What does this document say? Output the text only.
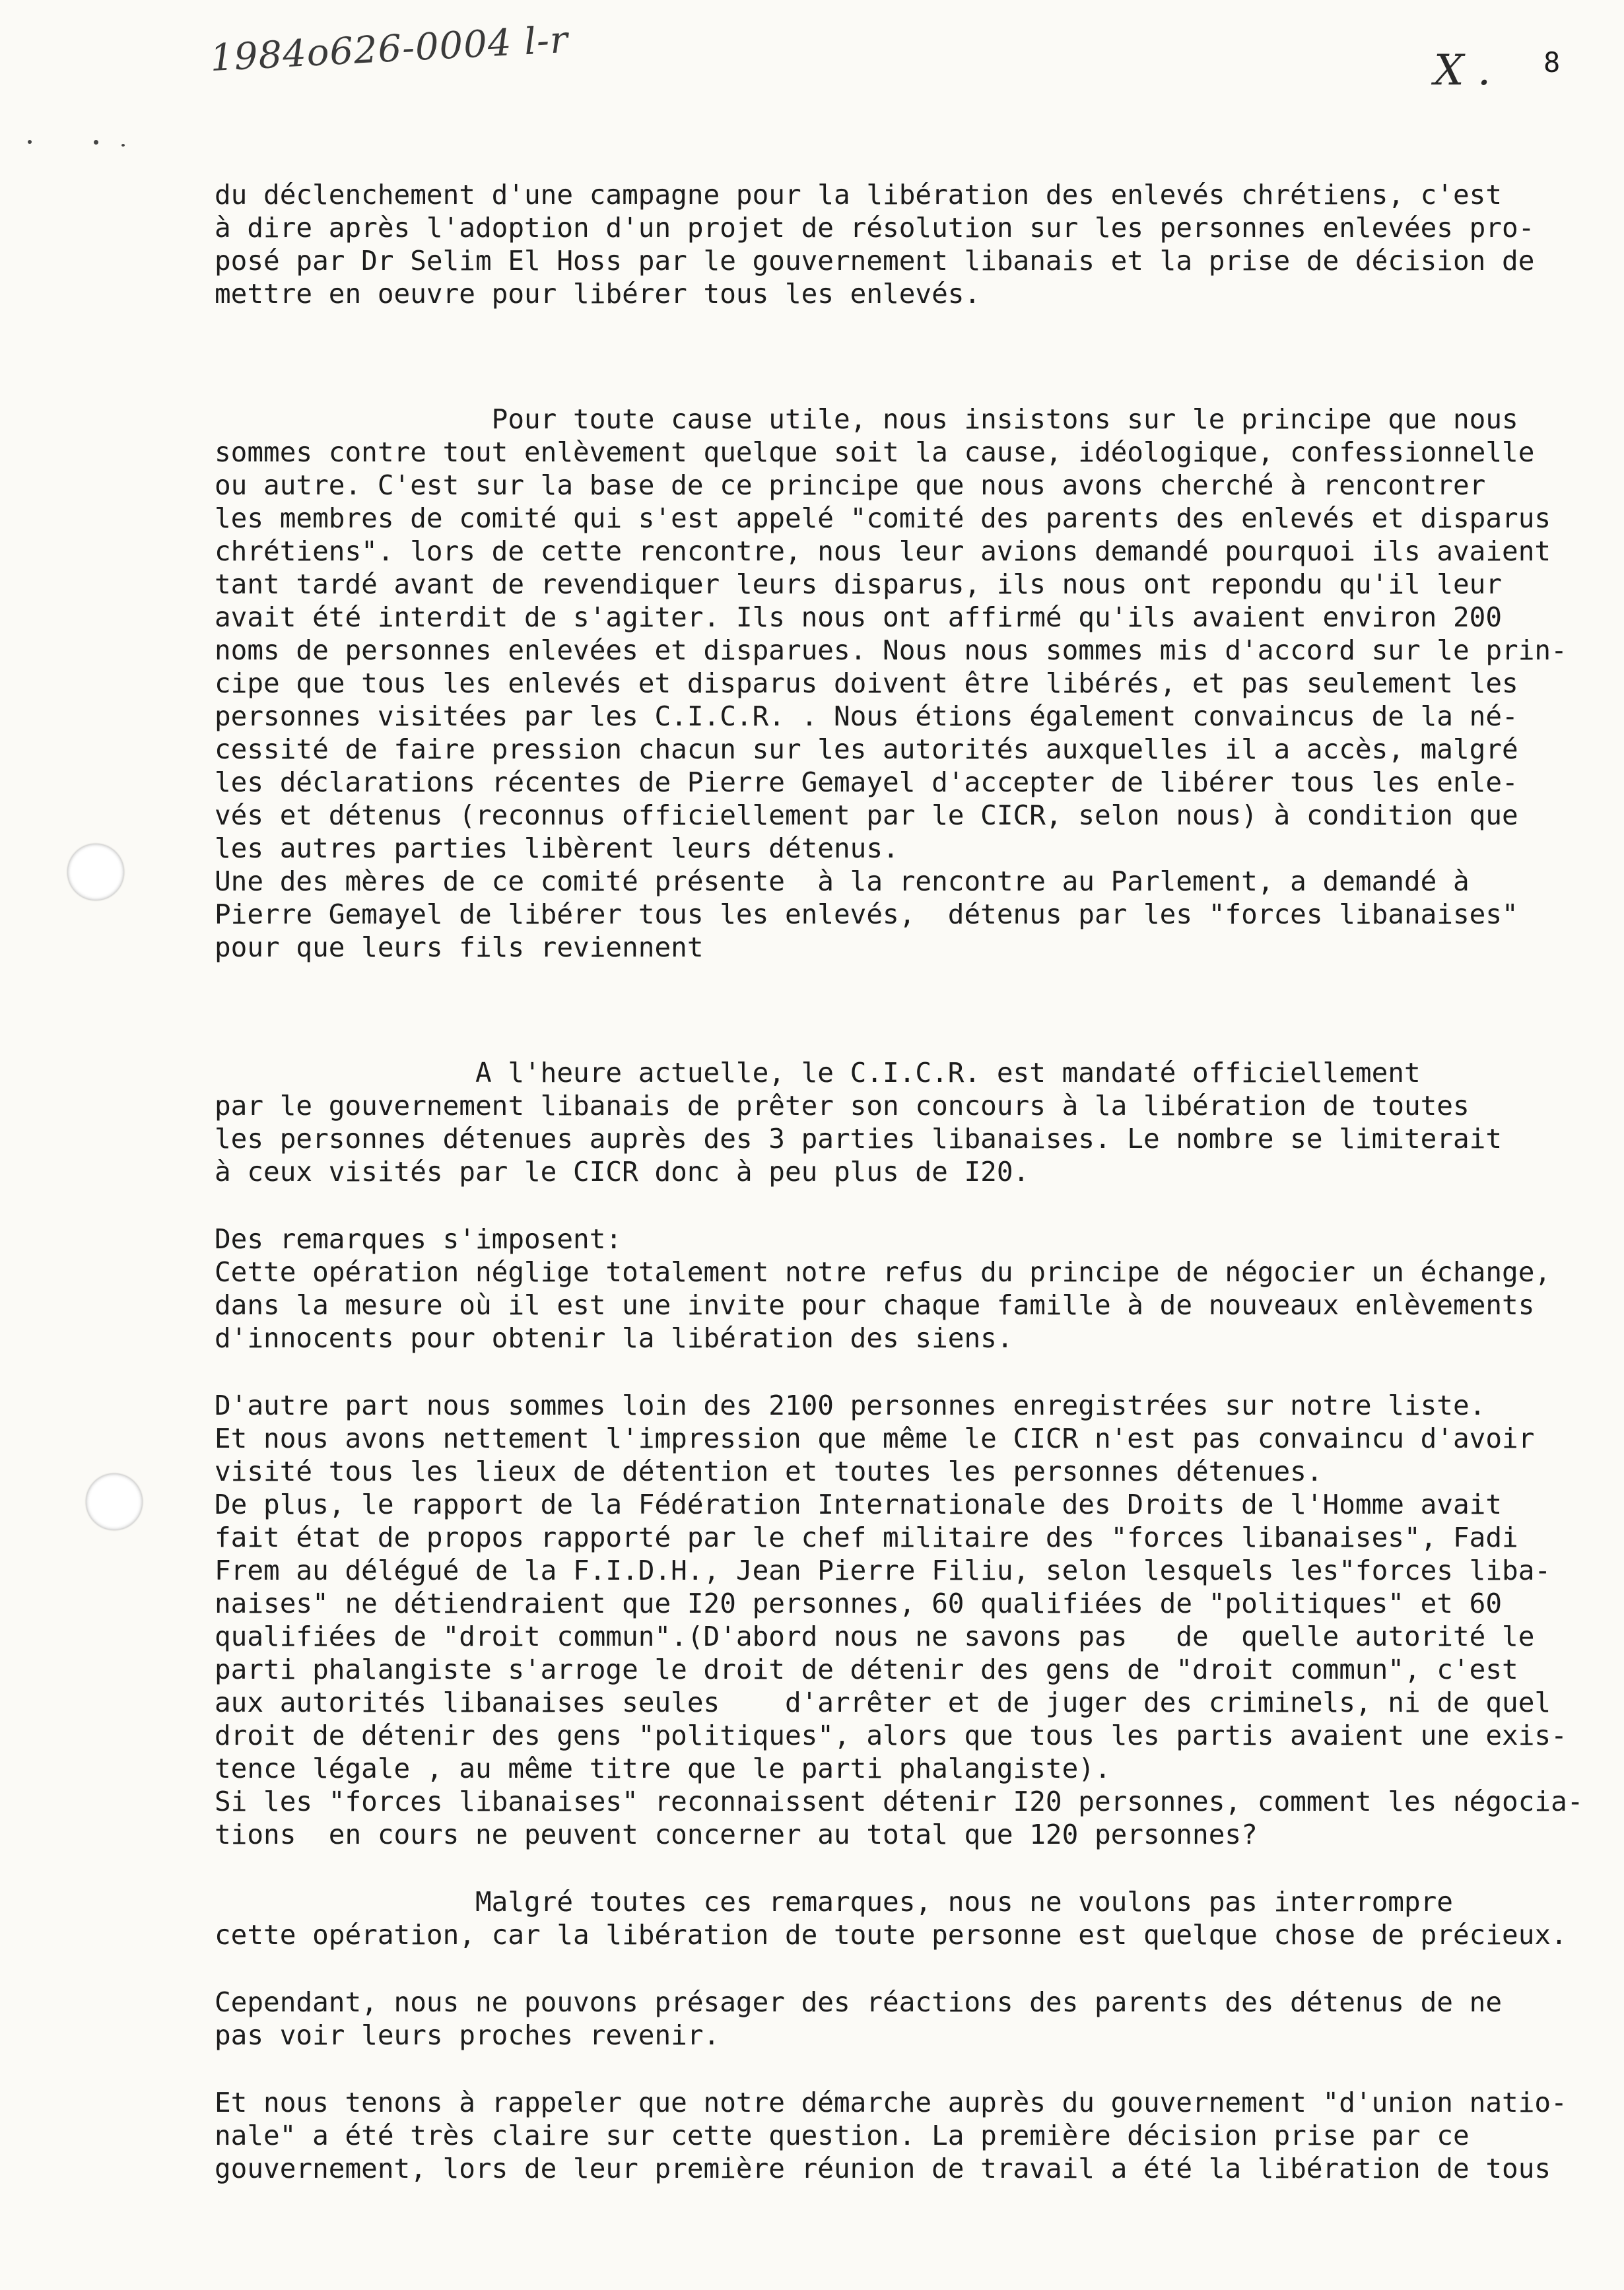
1984o626-0004 l-r	X . 8
du déclenchement d'une campagne pour la libération des enlevés chrétiens, c'est
à dire après l'adoption d'un projet de résolution sur les personnes enlevées pro-
posé par Dr Selim El Hoss par le gouvernement libanais et la prise de décision de
mettre en oeuvre pour libérer tous les enlevés.
Pour toute cause utile, nous insistons sur le principe que nous
sommes contre tout enlèvement quelque soit la cause, idéologique, confessionnelle
ou autre. C'est sur la base de ce principe que nous avons cherché à rencontrer
les membres de comité qui s'est appelé "comité des parents des enlevés et disparus
chrétiens". lors de cette rencontre, nous leur avions demandé pourquoi ils avaient
tant tardé avant de revendiquer leurs disparus, ils nous ont repondu qu'il leur
avait été interdit de s'agiter. Ils nous ont affirmé qu'ils avaient environ 200
noms de personnes enlevées et disparues. Nous nous sommes mis d'accord sur le prin-
cipe que tous les enlevés et disparus doivent être libérés, et pas seulement les
personnes visitées par les C.I.C.R. . Nous étions également convaincus de la né-
cessité de faire pression chacun sur les autorités auxquelles il a accès, malgré
les déclarations récentes de Pierre Gemayel d'accepter de libérer tous les enle-
vés et détenus (reconnus officiellement par le CICR, selon nous) à condition que
les autres parties libèrent leurs détenus.
Une des mères de ce comité présente  à la rencontre au Parlement, a demandé à
Pierre Gemayel de libérer tous les enlevés,  détenus par les "forces libanaises"
pour que leurs fils reviennent
A l'heure actuelle, le C.I.C.R. est mandaté officiellement
par le gouvernement libanais de prêter son concours à la libération de toutes
les personnes détenues auprès des 3 parties libanaises. Le nombre se limiterait
à ceux visités par le CICR donc à peu plus de I20.
Des remarques s'imposent:
Cette opération néglige totalement notre refus du principe de négocier un échange,
dans la mesure où il est une invite pour chaque famille à de nouveaux enlèvements
d'innocents pour obtenir la libération des siens.
D'autre part nous sommes loin des 2100 personnes enregistrées sur notre liste.
Et nous avons nettement l'impression que même le CICR n'est pas convaincu d'avoir
visité tous les lieux de détention et toutes les personnes détenues.
De plus, le rapport de la Fédération Internationale des Droits de l'Homme avait
fait état de propos rapporté par le chef militaire des "forces libanaises", Fadi
Frem au délégué de la F.I.D.H., Jean Pierre Filiu, selon lesquels les"forces liba-
naises" ne détiendraient que I20 personnes, 60 qualifiées de "politiques" et 60
qualifiées de "droit commun".(D'abord nous ne savons pas   de  quelle autorité le
parti phalangiste s'arroge le droit de détenir des gens de "droit commun", c'est
aux autorités libanaises seules    d'arrêter et de juger des criminels, ni de quel
droit de détenir des gens "politiques", alors que tous les partis avaient une exis-
tence légale , au même titre que le parti phalangiste).
Si les "forces libanaises" reconnaissent détenir I20 personnes, comment les négocia-
tions  en cours ne peuvent concerner au total que 120 personnes?
Malgré toutes ces remarques, nous ne voulons pas interrompre
cette opération, car la libération de toute personne est quelque chose de précieux.
Cependant, nous ne pouvons présager des réactions des parents des détenus de ne
pas voir leurs proches revenir.
Et nous tenons à rappeler que notre démarche auprès du gouvernement "d'union natio-
nale" a été très claire sur cette question. La première décision prise par ce
gouvernement, lors de leur première réunion de travail a été la libération de tous
